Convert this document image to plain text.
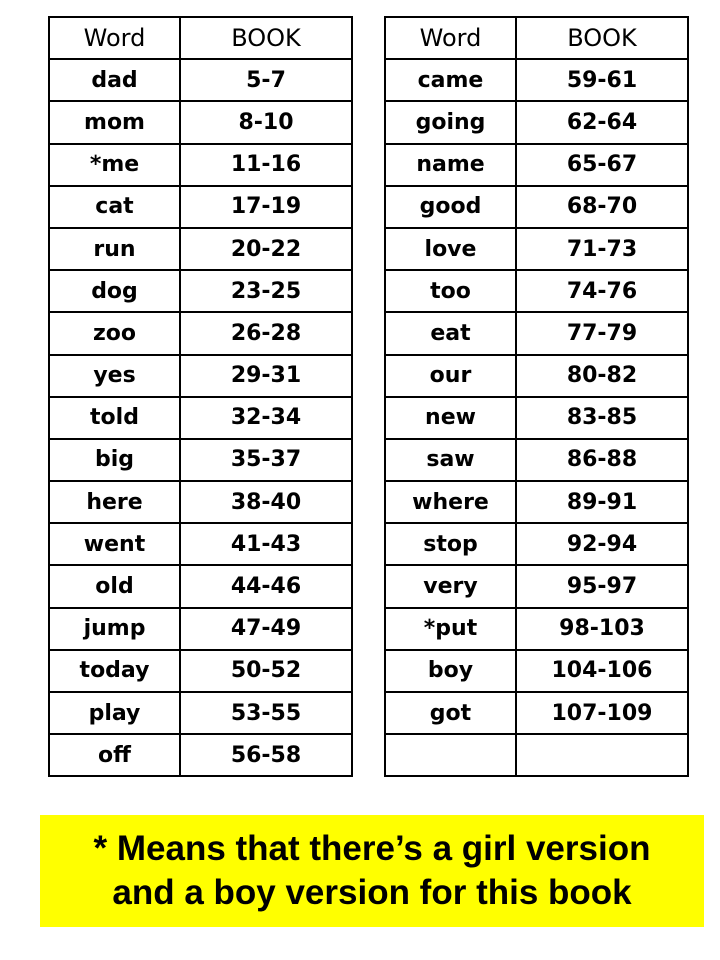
Word	BOOK
dad	5-7
mom	8-10
*me	11-16
cat	17-19
run	20-22
dog	23-25
zoo	26-28
yes	29-31
told	32-34
big	35-37
here	38-40
went	41-43
old	44-46
jump	47-49
today	50-52
play	53-55
off	56-58
Word	BOOK
came	59-61
going	62-64
name	65-67
good	68-70
love	71-73
too	74-76
eat	77-79
our	80-82
new	83-85
saw	86-88
where	89-91
stop	92-94
very	95-97
*put	98-103
boy	104-106
got	107-109

* Means that there’s a girl version
and a boy version for this book
